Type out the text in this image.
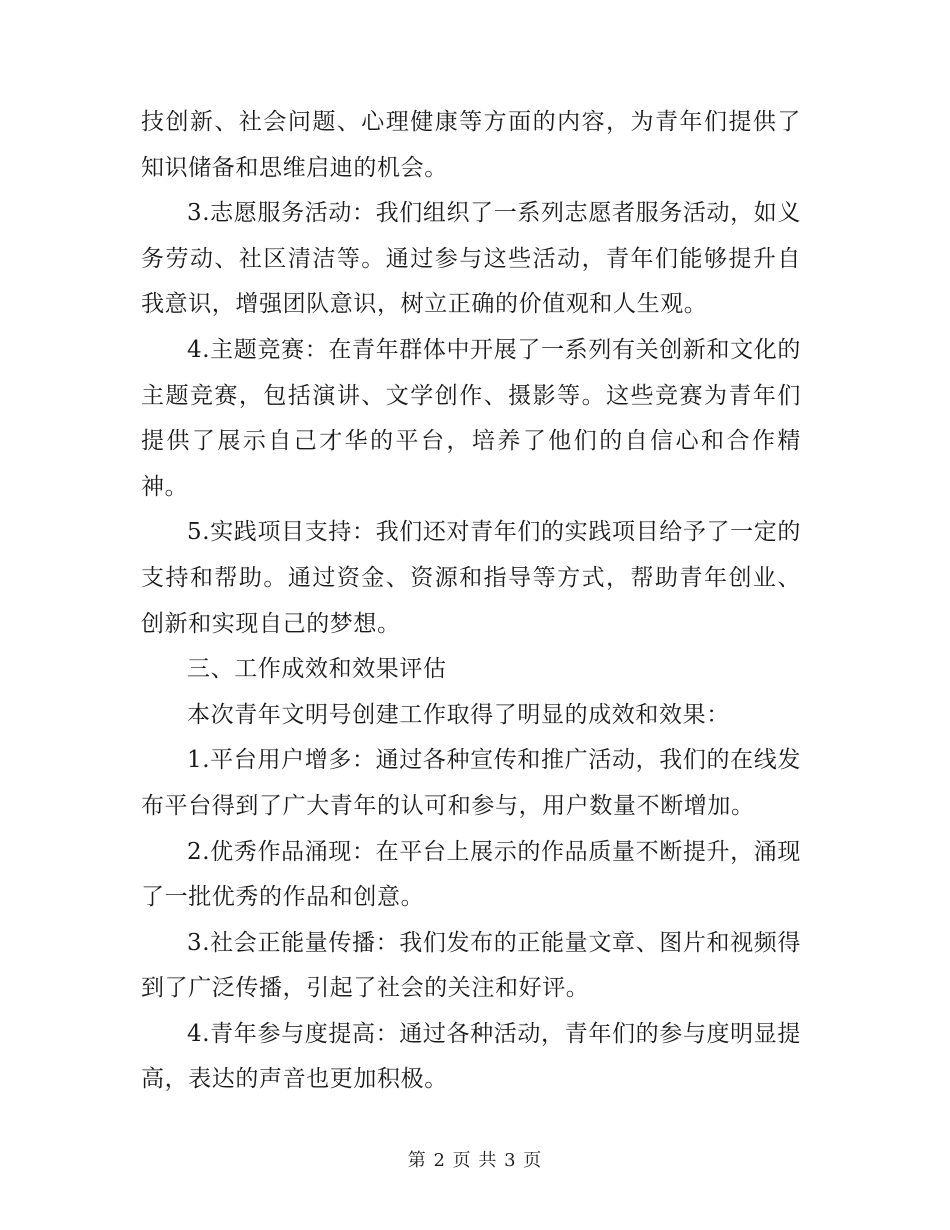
技创新、社会问题、心理健康等方面的内容，为青年们提供了知识储备和思维启迪的机会。

3.志愿服务活动：我们组织了一系列志愿者服务活动，如义务劳动、社区清洁等。通过参与这些活动，青年们能够提升自我意识，增强团队意识，树立正确的价值观和人生观。

4.主题竞赛：在青年群体中开展了一系列有关创新和文化的主题竞赛，包括演讲、文学创作、摄影等。这些竞赛为青年们提供了展示自己才华的平台，培养了他们的自信心和合作精神。

5.实践项目支持：我们还对青年们的实践项目给予了一定的支持和帮助。通过资金、资源和指导等方式，帮助青年创业、创新和实现自己的梦想。

三、工作成效和效果评估

本次青年文明号创建工作取得了明显的成效和效果：

1.平台用户增多：通过各种宣传和推广活动，我们的在线发布平台得到了广大青年的认可和参与，用户数量不断增加。

2.优秀作品涌现：在平台上展示的作品质量不断提升，涌现了一批优秀的作品和创意。

3.社会正能量传播：我们发布的正能量文章、图片和视频得到了广泛传播，引起了社会的关注和好评。

4.青年参与度提高：通过各种活动，青年们的参与度明显提高，表达的声音也更加积极。

第 2 页 共 3 页
